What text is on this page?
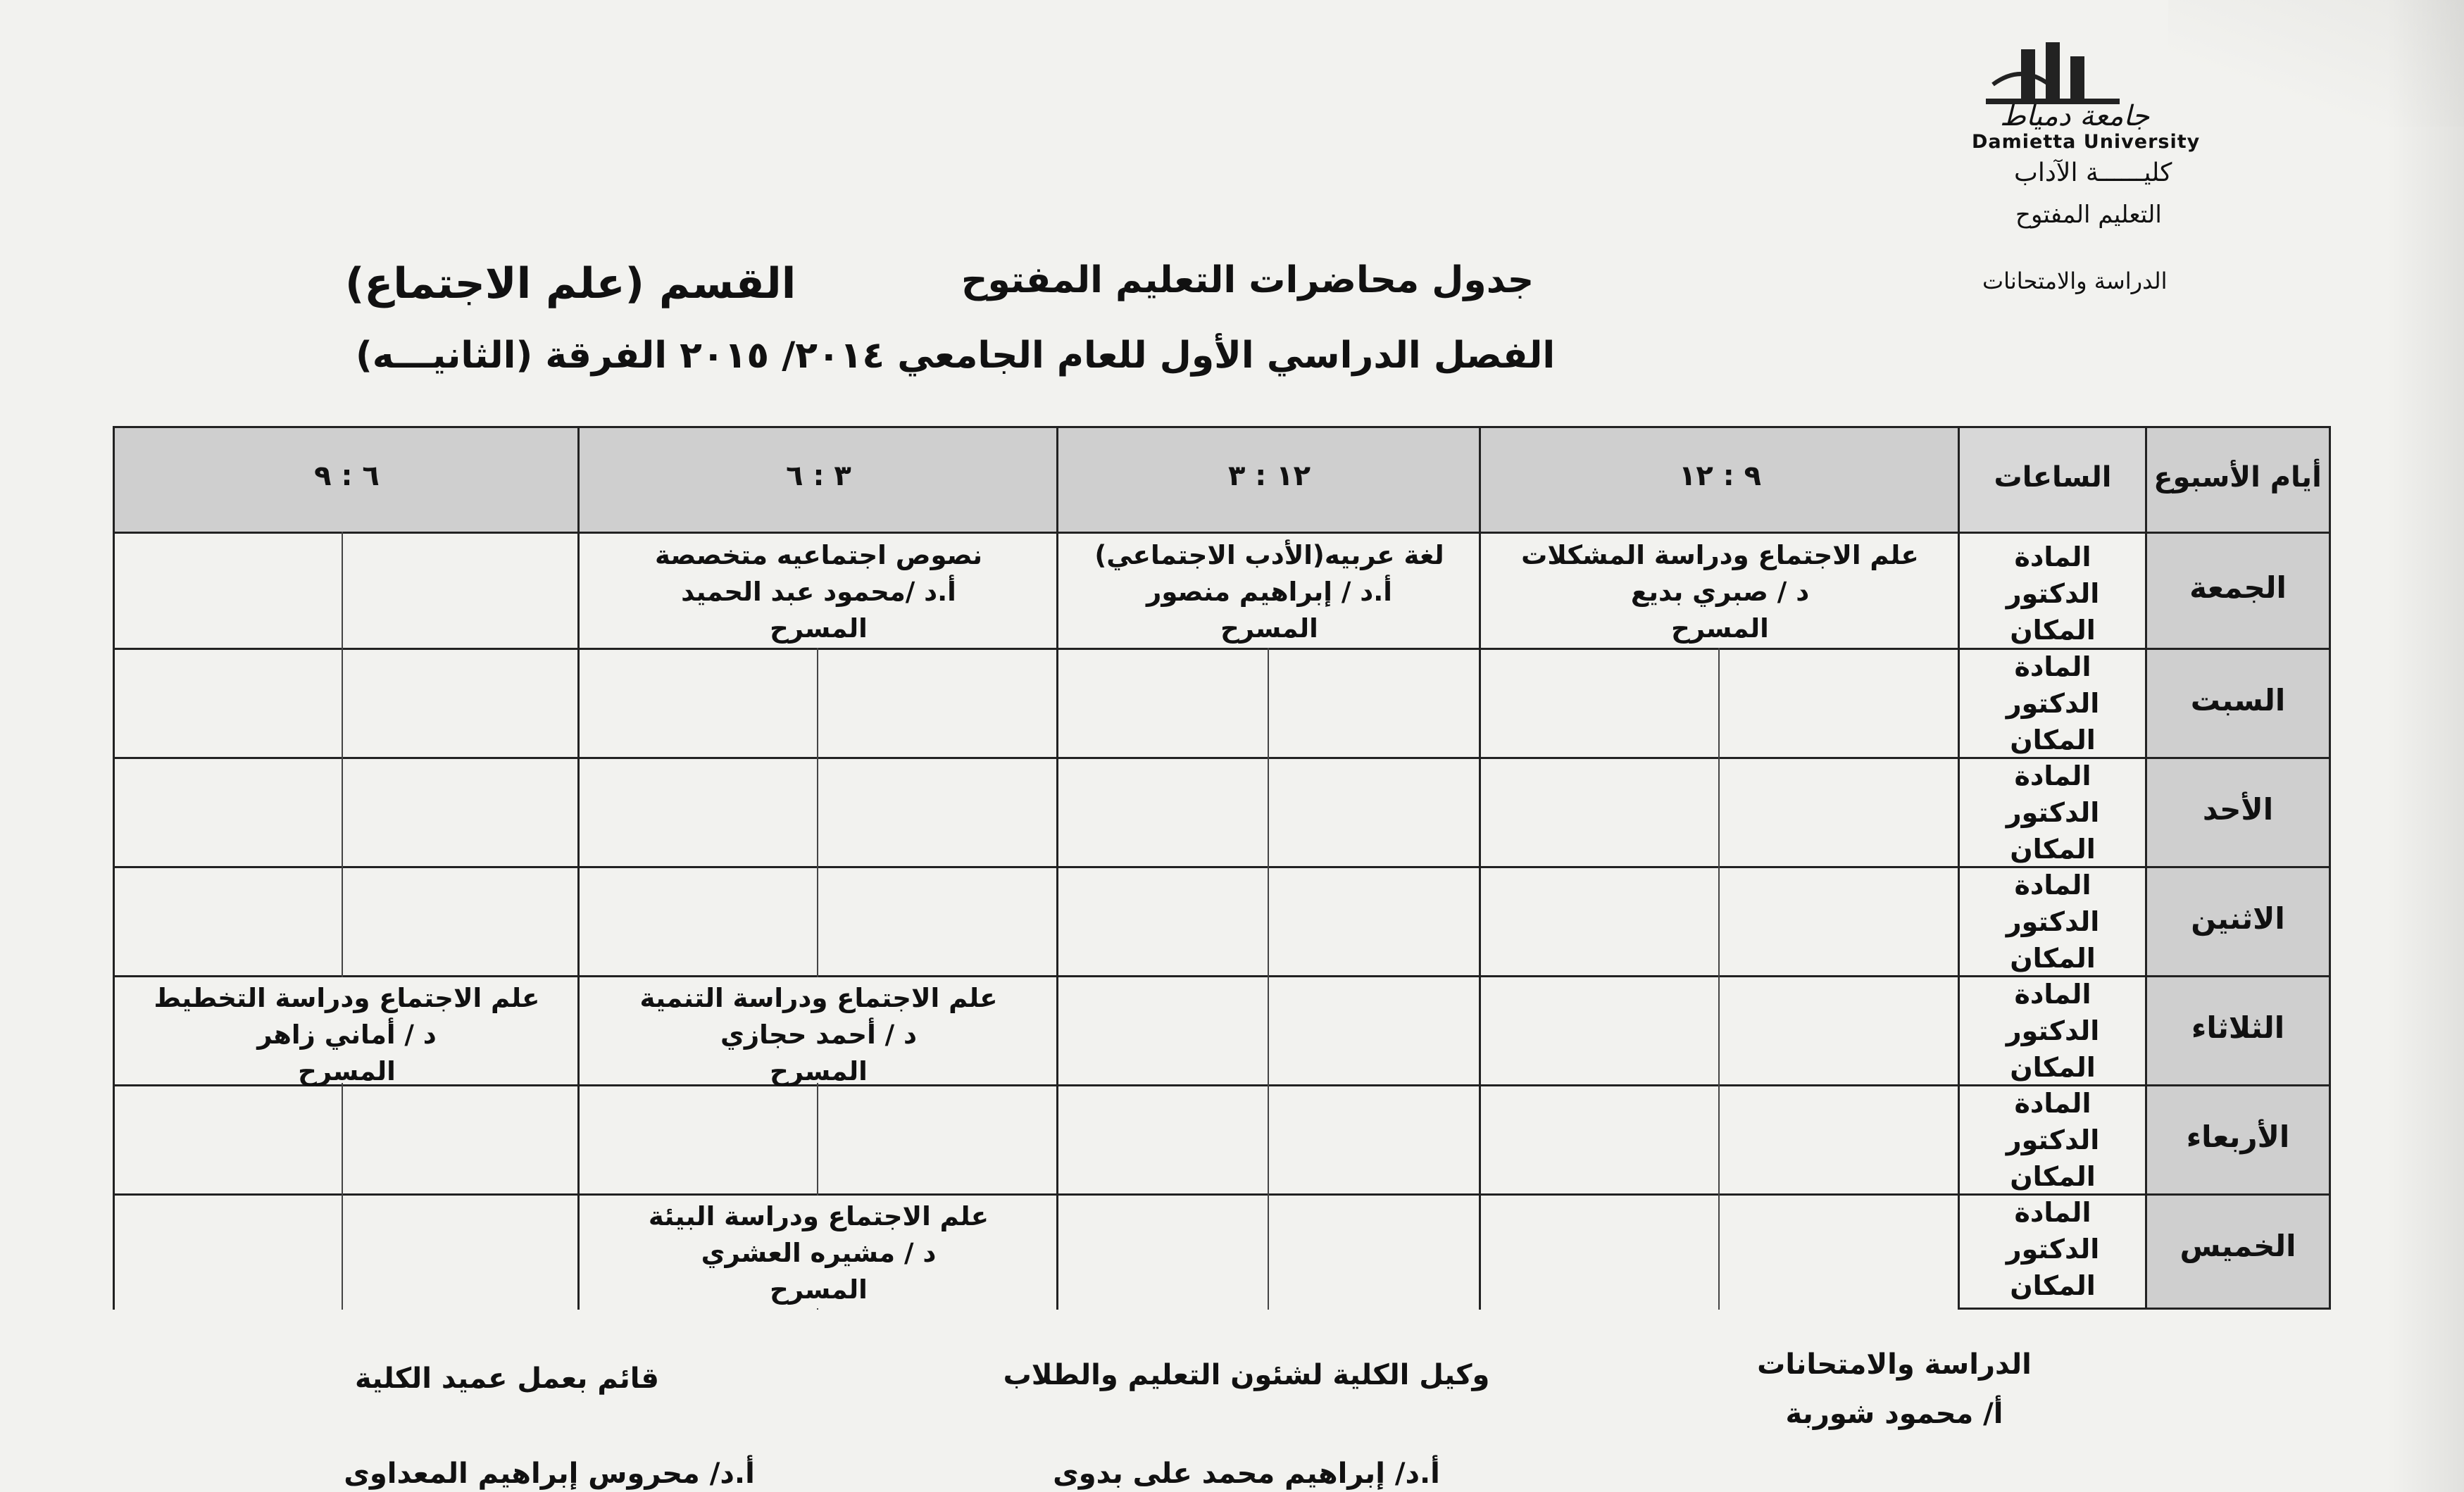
جامعة دمياط
Damietta University
كليــــــة الآداب
التعليم المفتوح
الدراسة والامتحانات
جدول محاضرات التعليم المفتوح
القسم (علم الاجتماع)
الفصل الدراسي الأول للعام الجامعي ٢٠١٤/ ٢٠١٥ الفرقة (الثانيـــه)
أيام الأسبوع
الساعات
٩ : ١٢
١٢ : ٣
٣ : ٦
٦ : ٩
الجمعة
السبت
الأحد
الاثنين
الثلاثاء
الأربعاء
الخميس
المادة
الدكتور
المكان
المادة
الدكتور
المكان
المادة
الدكتور
المكان
المادة
الدكتور
المكان
المادة
الدكتور
المكان
المادة
الدكتور
المكان
المادة
الدكتور
المكان
علم الاجتماع ودراسة المشكلات
د / صبري بديع
المسرح
لغة عربيه(الأدب الاجتماعي)
أ.د / إبراهيم منصور
المسرح
نصوص اجتماعيه متخصصة
أ.د /محمود عبد الحميد
المسرح
علم الاجتماع ودراسة التنمية
د / أحمد حجازي
المسرح
علم الاجتماع ودراسة التخطيط
د / أماني زاهر
المسرح
علم الاجتماع ودراسة البيئة
د / مشيره العشري
المسرح
قائم بعمل عميد الكلية
أ.د/ محروس إبراهيم المعداوى
وكيل الكلية لشئون التعليم والطلاب
أ.د/ إبراهيم محمد على بدوى
الدراسة والامتحانات
أ/ محمود شوربة
